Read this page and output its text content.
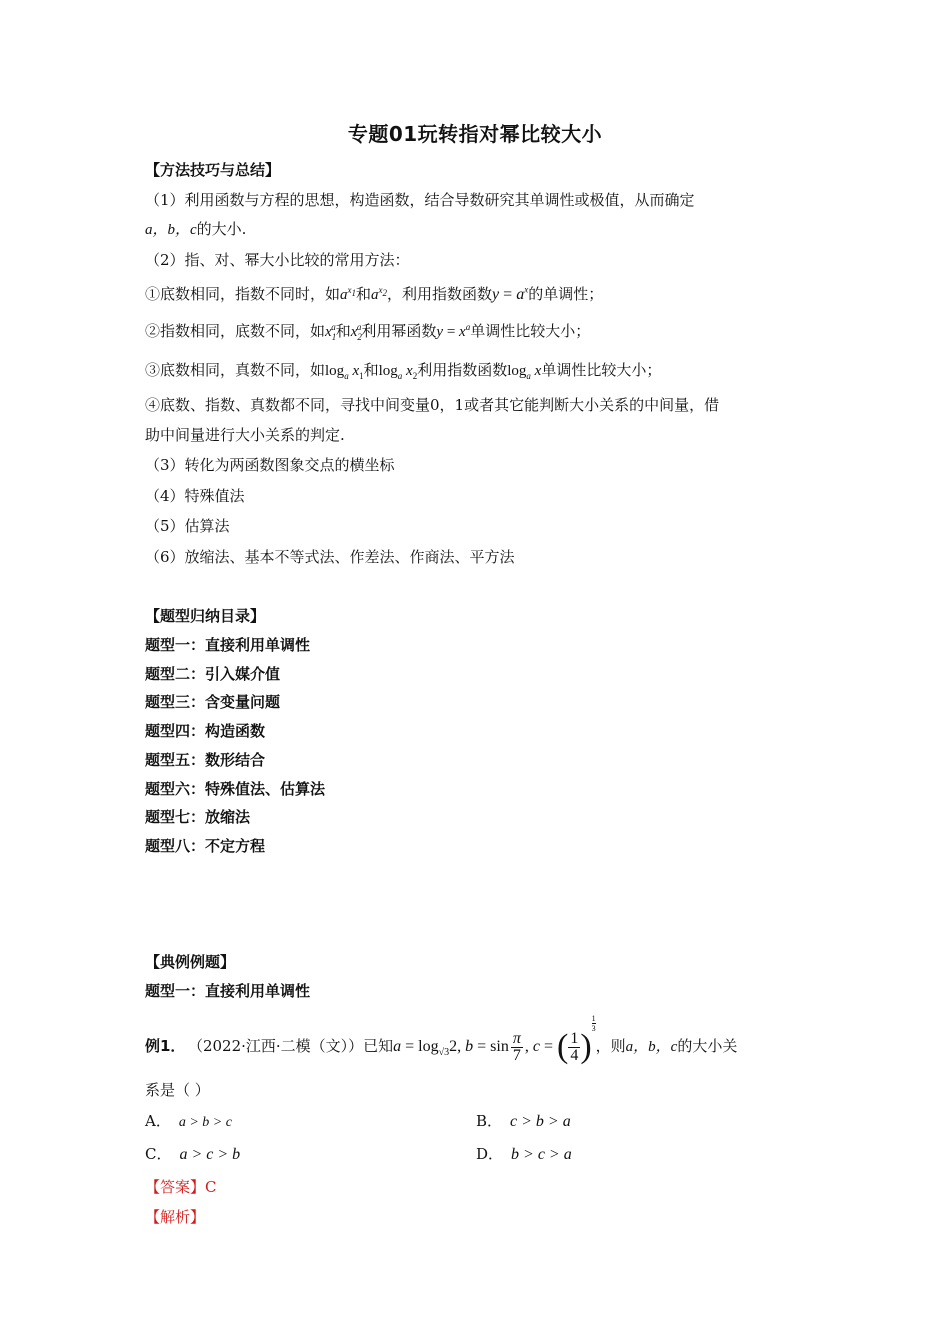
专题01玩转指对幂比较大小
【方法技巧与总结】
（1）利用函数与方程的思想，构造函数，结合导数研究其单调性或极值，从而确定
a，b，c的大小.
（2）指、对、幂大小比较的常用方法：
①底数相同，指数不同时，如$a^{x_1}$和$a^{x_2}$，利用指数函数$y = a^x$的单调性；
②指数相同，底数不同，如$x_1^a$和$x_2^a$利用幂函数$y = x^a$单调性比较大小；
③底数相同，真数不同，如$\log_a x_1$和$\log_a x_2$利用指数函数$\log_a x$单调性比较大小；
④底数、指数、真数都不同，寻找中间变量0，1或者其它能判断大小关系的中间量，借
助中间量进行大小关系的判定.
（3）转化为两函数图象交点的横坐标
（4）特殊值法
（5）估算法
（6）放缩法、基本不等式法、作差法、作商法、平方法
【题型归纳目录】
题型一：直接利用单调性
题型二：引入媒介值
题型三：含变量问题
题型四：构造函数
题型五：数形结合
题型六：特殊值法、估算法
题型七：放缩法
题型八：不定方程
【典例例题】
题型一：直接利用单调性
例1． （2022·江西·二模（文））已知$a = \log_{√3}2$, $b = \sin \frac{\pi}{7}$ , c = ( $\frac{1}{4}$ )
$^{\frac{1}{3}}$
，则a，b，c的大小关
系是（ ）
A． a > b > c	B． c > b > a
C． a > c > b	D． b > c > a
【答案】C
【解析】
